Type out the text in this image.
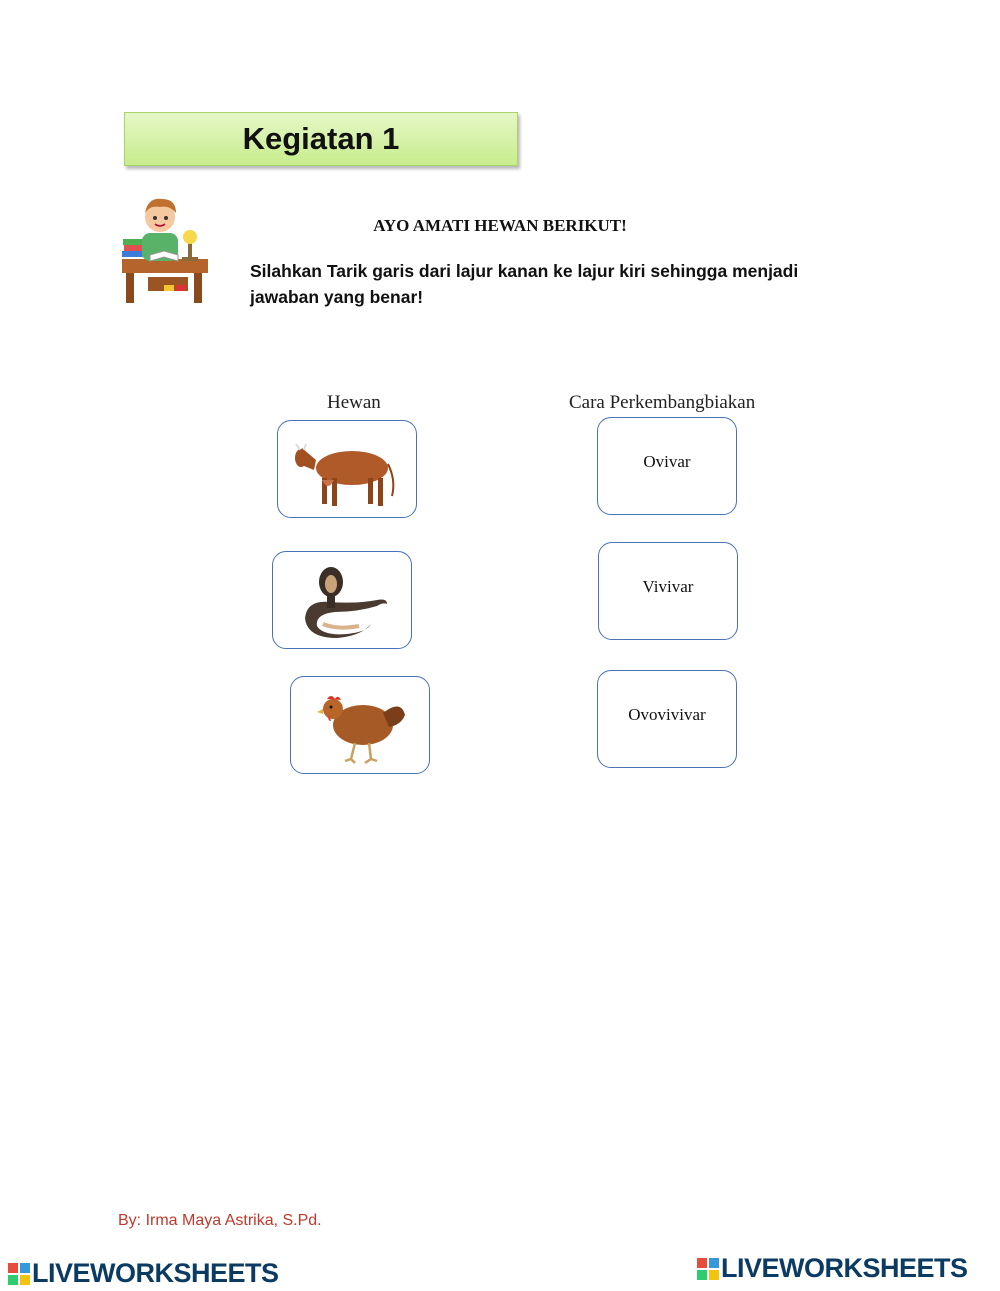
Kegiatan 1
AYO AMATI HEWAN BERIKUT!
Silahkan Tarik garis dari lajur kanan ke lajur kiri sehingga menjadi jawaban yang benar!
Hewan	Cara Perkembangbiakan
Ovivar
Vivivar
Ovovivivar
By: Irma Maya Astrika, S.Pd.
LIVEWORKSHEETS	LIVEWORKSHEETS
